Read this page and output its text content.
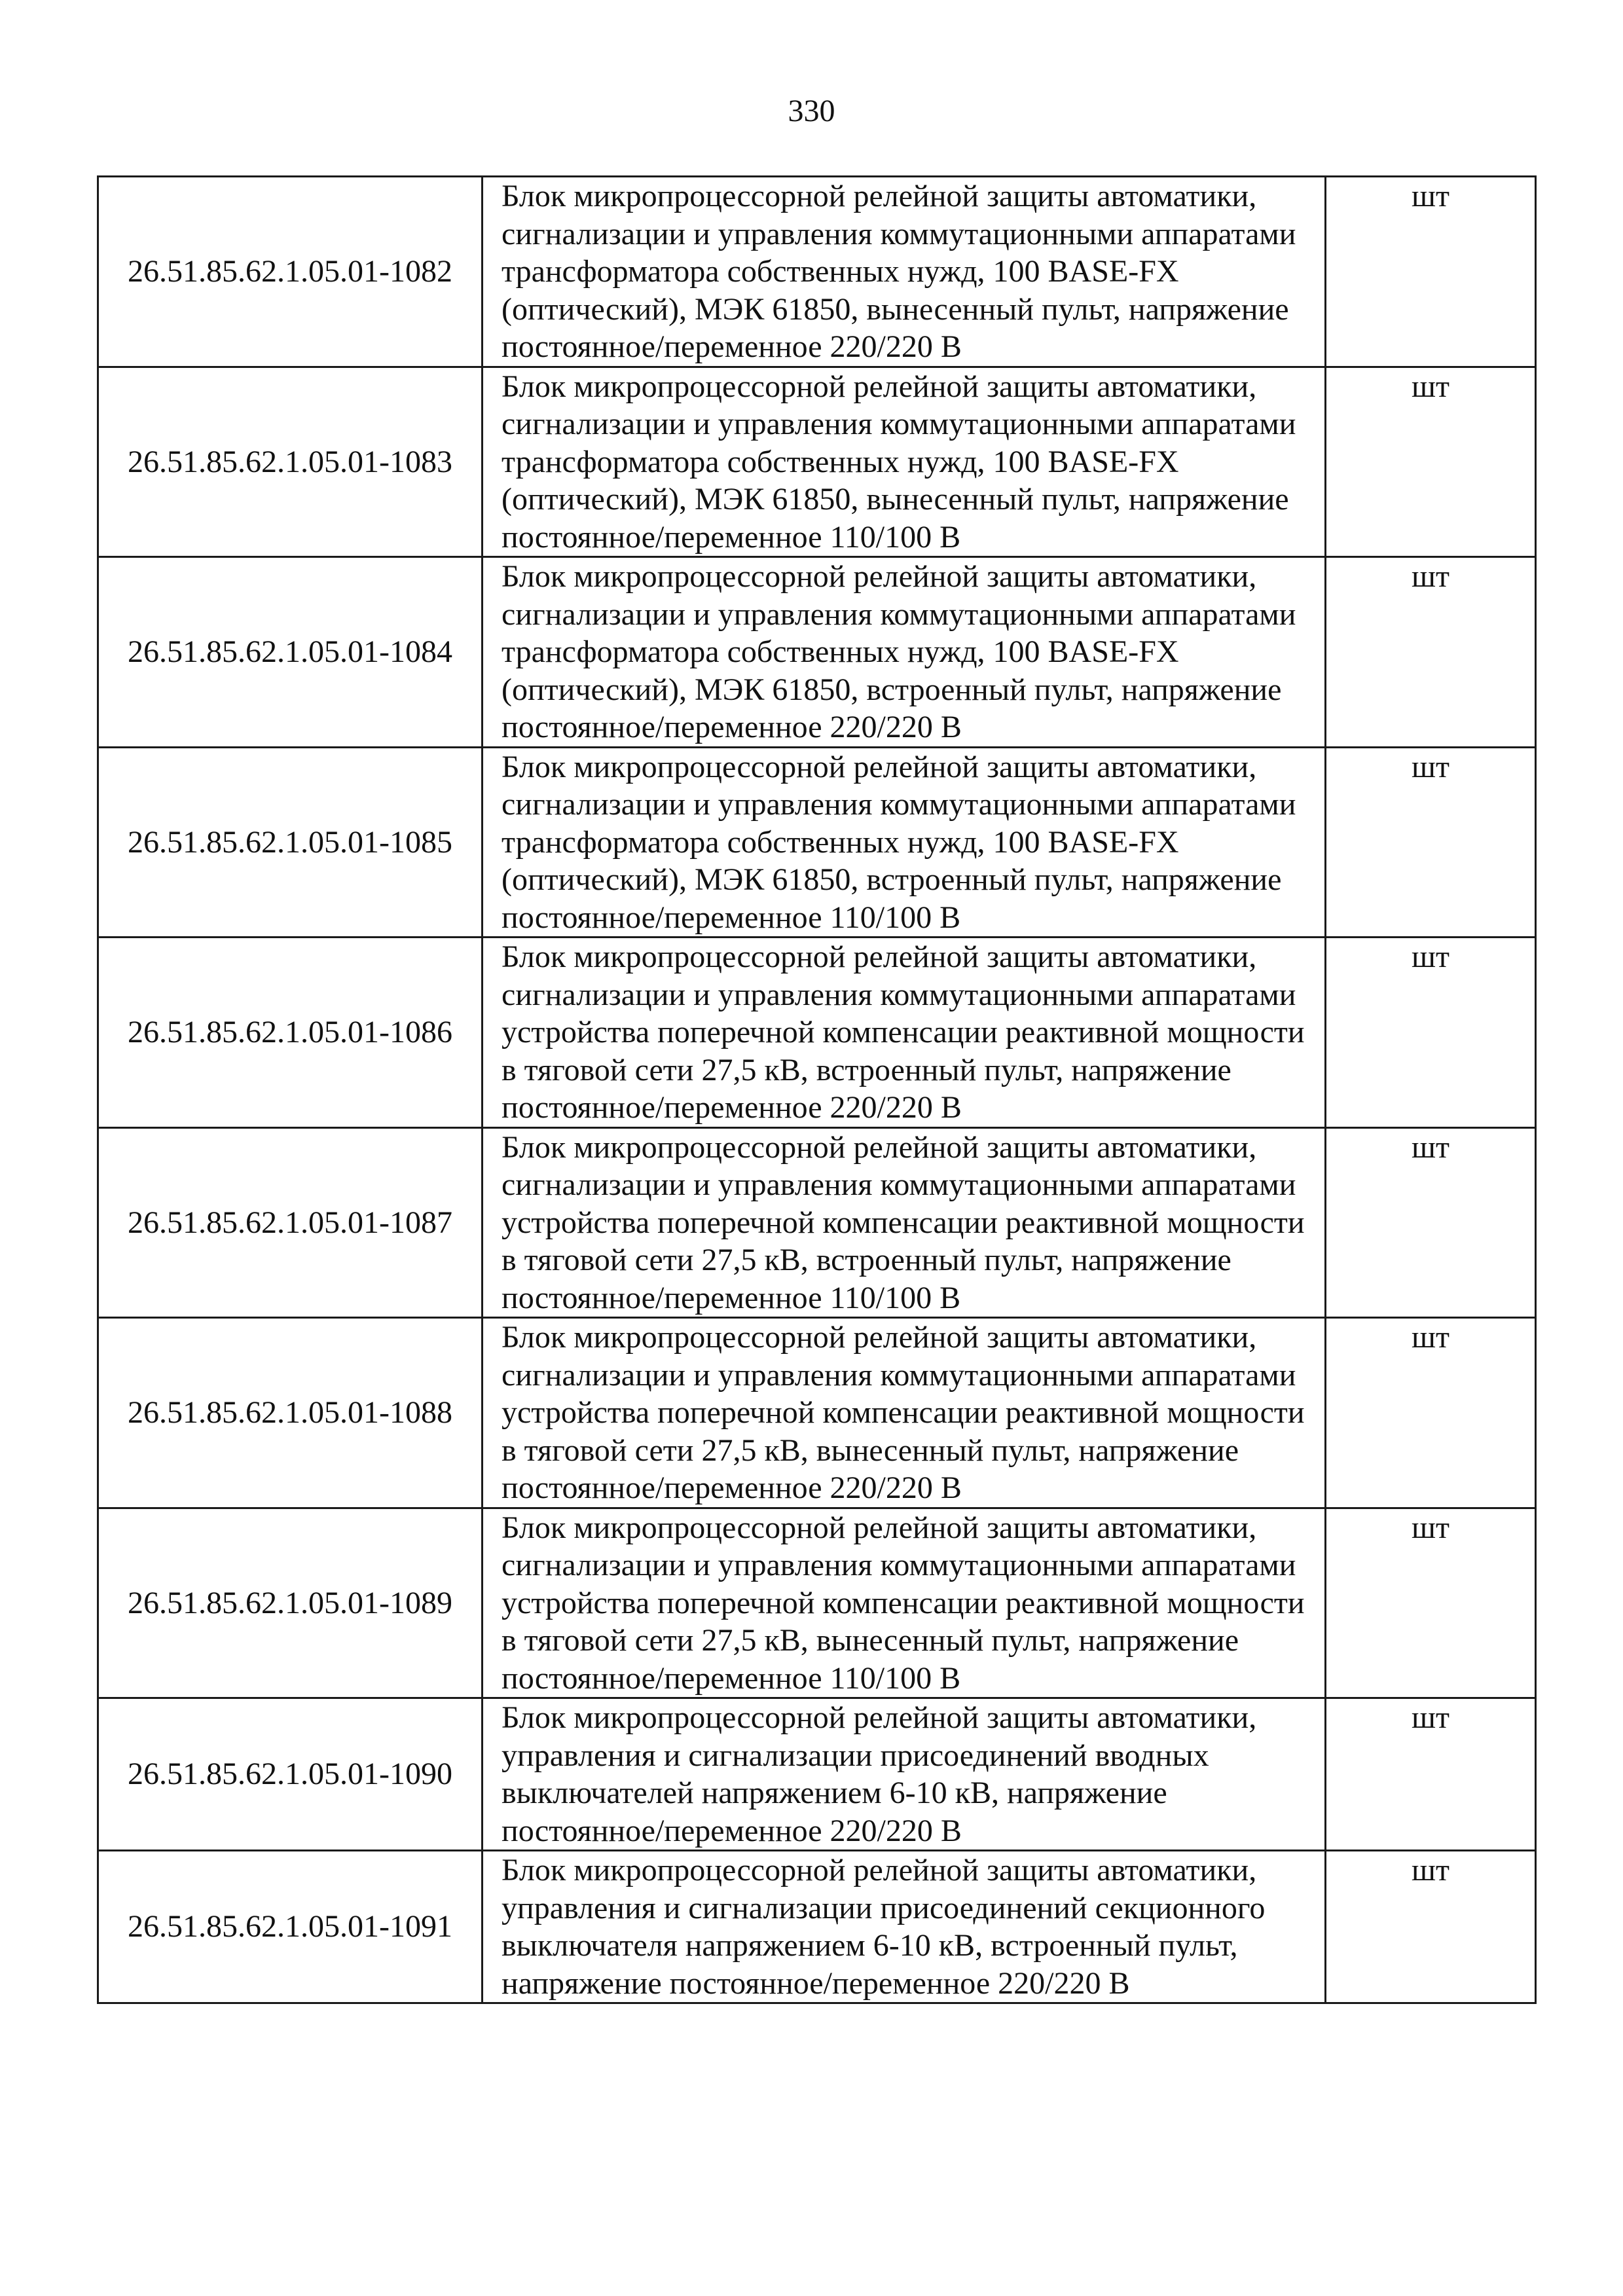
330
26.51.85.62.1.05.01-1082	Блок микропроцессорной релейной защиты автоматики, сигнализации и управления коммутационными аппаратами трансформатора собственных нужд, 100 BASE-FX (оптический), МЭК 61850, вынесенный пульт, напряжение постоянное/переменное 220/220 В	шт
26.51.85.62.1.05.01-1083	Блок микропроцессорной релейной защиты автоматики, сигнализации и управления коммутационными аппаратами трансформатора собственных нужд, 100 BASE-FX (оптический), МЭК 61850, вынесенный пульт, напряжение постоянное/переменное 110/100 В	шт
26.51.85.62.1.05.01-1084	Блок микропроцессорной релейной защиты автоматики, сигнализации и управления коммутационными аппаратами трансформатора собственных нужд, 100 BASE-FX (оптический), МЭК 61850, встроенный пульт, напряжение постоянное/переменное 220/220 В	шт
26.51.85.62.1.05.01-1085	Блок микропроцессорной релейной защиты автоматики, сигнализации и управления коммутационными аппаратами трансформатора собственных нужд, 100 BASE-FX (оптический), МЭК 61850, встроенный пульт, напряжение постоянное/переменное 110/100 В	шт
26.51.85.62.1.05.01-1086	Блок микропроцессорной релейной защиты автоматики, сигнализации и управления коммутационными аппаратами устройства поперечной компенсации реактивной мощности в тяговой сети 27,5 кВ, встроенный пульт, напряжение постоянное/переменное 220/220 В	шт
26.51.85.62.1.05.01-1087	Блок микропроцессорной релейной защиты автоматики, сигнализации и управления коммутационными аппаратами устройства поперечной компенсации реактивной мощности в тяговой сети 27,5 кВ, встроенный пульт, напряжение постоянное/переменное 110/100 В	шт
26.51.85.62.1.05.01-1088	Блок микропроцессорной релейной защиты автоматики, сигнализации и управления коммутационными аппаратами устройства поперечной компенсации реактивной мощности в тяговой сети 27,5 кВ, вынесенный пульт, напряжение постоянное/переменное 220/220 В	шт
26.51.85.62.1.05.01-1089	Блок микропроцессорной релейной защиты автоматики, сигнализации и управления коммутационными аппаратами устройства поперечной компенсации реактивной мощности в тяговой сети 27,5 кВ, вынесенный пульт, напряжение постоянное/переменное 110/100 В	шт
26.51.85.62.1.05.01-1090	Блок микропроцессорной релейной защиты автоматики, управления и сигнализации присоединений вводных выключателей напряжением 6-10 кВ, напряжение постоянное/переменное 220/220 В	шт
26.51.85.62.1.05.01-1091	Блок микропроцессорной релейной защиты автоматики, управления и сигнализации присоединений секционного выключателя напряжением 6-10 кВ, встроенный пульт, напряжение постоянное/переменное 220/220 В	шт
